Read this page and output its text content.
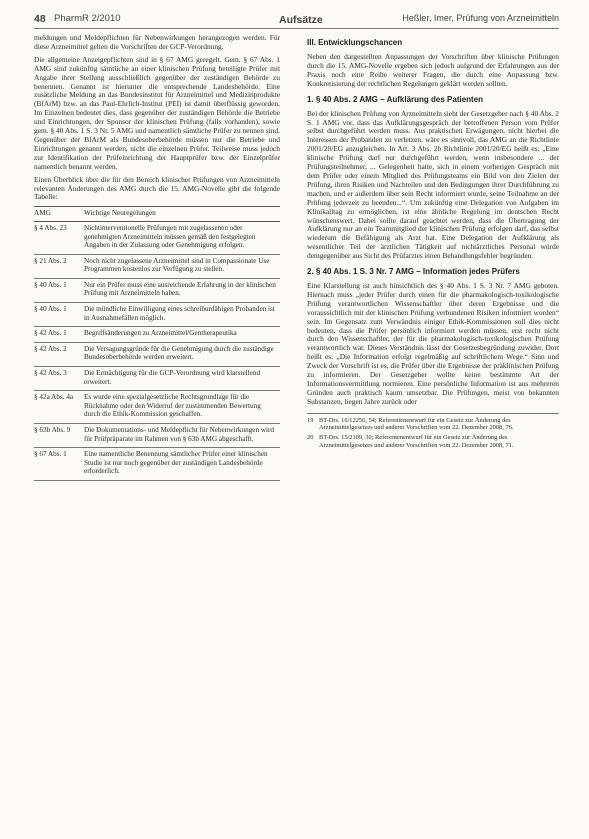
48 PharmR 2/2010	Aufsätze	Heßler, Imer, Prüfung von Arzneimitteln

meldungen und Meldepflichten für Nebenwirkungen herangezogen werden. Für diese Arzneimittel gelten die Vorschriften der GCP-Verordnung.

Die allgemeine Anzeigepflichten sind in § 67 AMG geregelt. Gem. § 67 Abs. 1 AMG sind zukünftig sämtliche an einer klinischen Prüfung beteiligte Prüfer mit Angabe ihrer Stellung ausschließlich gegenüber der zuständigen Behörde zu benennen. Genannt ist hierunter die entsprechende Landesbehörde. Eine zusätzliche Meldung an das Bundesinstitut für Arzneimittel und Medizinprodukte (BfArM) bzw. an das Paul-Ehrlich-Institut (PEI) ist damit überflüssig geworden. Im Einzelnen bedeutet dies, dass gegenüber der zuständigen Behörde die Betriebe und Einrichtungen, der Sponsor der klinischen Prüfung (falls vorhanden), sowie gem. § 40 Abs. 1 S. 3 Nr. 5 AMG und namentlich sämtliche Prüfer zu nennen sind. Gegenüber der BfArM als Bundesoberbehörde müssen nur die Betriebe und Einrichtungen genannt werden, nicht die einzelnen Prüfer. Teilweise muss jedoch zur Identifikation der Prüfeinrichtung der Hauptprüfer bzw. der Einzelprüfer namentlich benannt werden.

Einen Überblick über die für den Bereich klinischer Prüfungen von Arzneimitteln relevanten Änderungen des AMG durch die 15. AMG-Novelle gibt die folgende Tabelle:

AMG	Wichtige Neuregelungen
§ 4 Abs. 23	Nichtinterventionelle Prüfungen mit zugelassenen oder genehmigten Arzneimitteln müssen gemäß den festgelegten Angaben in der Zulassung oder Genehmigung erfolgen.
§ 21 Abs. 2	Noch nicht zugelassene Arzneimittel sind in Compassionate Use Programmen kostenlos zur Verfügung zu stellen.
§ 40 Abs. 1	Nur ein Prüfer muss eine ausreichende Erfahrung in der klinischen Prüfung mit Arzneimitteln haben.
§ 40 Abs. 1	Die mündliche Einwilligung eines schreibunfähigen Probanden ist in Ausnahmefällen möglich.
§ 42 Abs. 1	Begriffsänderungen zu Arzneimittel/Gentherapeutika
§ 42 Abs. 2	Die Versagungsgründe für die Genehmigung durch die zuständige Bundesoberbehörde werden erweitert.
§ 42 Abs. 3	Die Ermächtigung für die GCP-Verordnung wird klarstellend erweitert.
§ 42a Abs. 4a	Es wurde eine spezialgesetzliche Rechtsgrundlage für die Rücknahme oder den Widerruf der zustimmenden Bewertung durch die Ethik-Kommission geschaffen.
§ 63b Abs. 9	Die Dokumentations- und Meldepflicht für Nebenwirkungen wird für Prüfpräparate im Rahmen von § 63b AMG abgeschafft.
§ 67 Abs. 1	Eine namentliche Benennung sämtlicher Prüfer einer klinischen Studie ist nur noch gegenüber der zuständigen Landesbehörde erforderlich.
III. Entwicklungschancen

Neben den dargestellten Anpassungen der Vorschriften über klinische Prüfungen durch die 15. AMG-Novelle ergeben sich jedoch aufgrund der Erfahrungen aus der Praxis noch eine Reihe weiterer Fragen, die durch eine Anpassung bzw. Konkretisierung der rechtlichen Regelungen geklärt werden sollten.

1. § 40 Abs. 2 AMG – Aufklärung des Patienten

Bei der klinischen Prüfung von Arzneimitteln sieht der Gesetzgeber nach § 40 Abs. 2 S. 1 AMG vor, dass das Aufklärungsgespräch der betroffenen Person vom Prüfer selbst durchgeführt werden muss. Aus praktischen Erwägungen, nicht hierbei die Interessen der Probanden zu verletzen, wäre es sinnvoll, das AMG an die Richtlinie 2001/20/EG anzugleichen. In Art. 3 Abs. 2b Richtlinie 2001/20/EG heißt es: „Eine klinische Prüfung darf nur durchgeführt werden, wenn insbesondere ... der Prüfungsteilnehmer, ... Gelegenheit hatte, sich in einem vorherigen Gespräch mit dem Prüfer oder einem Mitglied des Prüfungsteams ein Bild von den Zielen der Prüfung, ihren Risiken und Nachteilen und den Bedingungen ihrer Durchführung zu machen, und er außerdem über sein Recht informiert wurde, seine Teilnahme an der Prüfung jederzeit zu beenden...“. Um zukünftig eine Delegation von Aufgaben im Klinikalltag zu ermöglichen, ist eine ähnliche Regelung im deutschen Recht wünschenswert. Dabei sollte darauf geachtet werden, dass die Übertragung der Aufklärung nur an ein Teammitglied der klinischen Prüfung erfolgen darf, das selbst wiederum die Befähigung als Arzt hat. Eine Delegation der Aufklärung als wesentlicher Teil der ärztlichen Tätigkeit auf nichtärztliches Personal würde demgegenüber aus Sicht des Prüfarztes einen Behandlungsfehler begründen.

2. § 40 Abs. 1 S. 3 Nr. 7 AMG – Information jedes Prüfers

Eine Klarstellung ist auch hinsichtlich des § 40 Abs. 1 S. 3 Nr. 7 AMG geboten. Hiernach muss „jeder Prüfer durch einen für die pharmakologisch-toxikologische Prüfung verantwortlichen Wissenschaftler über deren Ergebnisse und die voraussichtlich mit der klinischen Prüfung verbundenen Risiken informiert worden“ sein. Im Gegensatz zum Verwändnis einiger Ethik-Kommissionen soll dies nicht bedeuten, dass die Prüfer persönlich informiert werden müssen, erst recht nicht durch den Wissenschaftler, der für die pharmakologisch-toxikologischen Prüfung verantwortlich war. Dieses Verständnis lässt der Gesetzesbegründung zuwider. Dort heißt es: „Die Information erfolgt regelmäßig auf schriftlichem Wege.“ Sinn und Zweck der Vorschrift ist es, die Prüfer über die Ergebnisse der präklinischen Prüfung zu informieren. Der Gesetzgeber wollte keine bestimmte Art der Informationsvermittlung normieren. Eine persönliche Information ist aus mehreren Gründen auch praktisch kaum umsetzbar. Die Prüfungen, meist von bekannten Substanzen, liegen Jahre zurück oder

19 BT-Drs. 16/12256, 54; Referentenentwurf für ein Gesetz zur Änderung des Arzneimittelgesetzes und anderer Vorschriften vom 22. Dezember 2008, 76.
20 BT-Drs. 15/2109, 30; Referentenentwurf für ein Gesetz zur Änderung des Arzneimittelgesetzes und anderer Vorschriften vom 22. Dezember 2008, 71.
